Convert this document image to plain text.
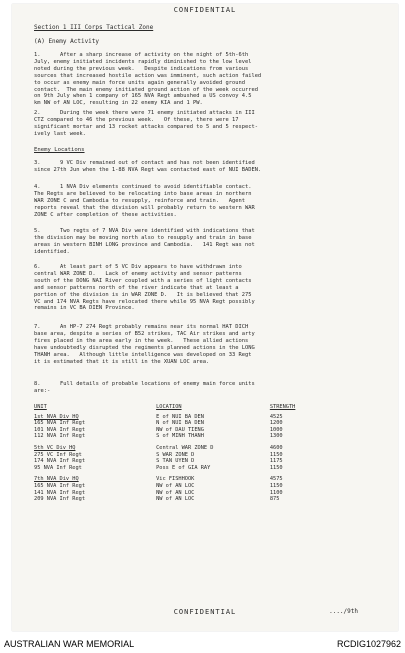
CONFIDENTIAL
Section 1 III Corps Tactical Zone
(A) Enemy Activity
1.      After a sharp increase of activity on the night of 5th-6th
July, enemy initiated incidents rapidly diminished to the low level
noted during the previous week.   Despite indications from various
sources that increased hostile action was imminent, such action failed
to occur as enemy main force units again generally avoided ground
contact.  The main enemy initiated ground action of the week occurred
on 9th July when 1 company of 165 NVA Regt ambushed a US convoy 4.5
km NW of AN LOC, resulting in 22 enemy KIA and 1 PW.
2.      During the week there were 71 enemy initiated attacks in III
CTZ compared to 46 the previous week.   Of these, there were 17
significant mortar and 13 rocket attacks compared to 5 and 5 respect-
ively last week.
Enemy Locations
3.      9 VC Div remained out of contact and has not been identified
since 27th Jun when the 1-88 NVA Regt was contacted east of NUI BADEN.
4.      1 NVA Div elements continued to avoid identifiable contact.
The Regts are believed to be relocating into base areas in northern
WAR ZONE C and Cambodia to resupply, reinforce and train.   Agent
reports reveal that the division will probably return to western WAR
ZONE C after completion of these activities.
5.      Two regts of 7 NVA Div were identified with indications that
the division may be moving north also to resupply and train in base
areas in western BINH LONG province and Cambodia.   141 Regt was not
identified.
6.      At least part of 5 VC Div appears to have withdrawn into
central WAR ZONE D.   Lack of enemy activity and sensor patterns
south of the DONG NAI River coupled with a series of light contacts
and sensor patterns north of the river indicate that at least a
portion of the division is in WAR ZONE D.   It is believed that 275
VC and 174 NVA Regts have relocated there while 95 NVA Regt possibly
remains in VC BA DIEN Province.
7.      An HP-7 274 Regt probably remains near its normal HAT DICH
base area, despite a series of B52 strikes, TAC Air strikes and arty
fires placed in the area early in the week.   These allied actions
have undoubtedly disrupted the regiments planned actions in the LONG
THANH area.   Although little intelligence was developed on 33 Regt
it is estimated that it is still in the XUAN LOC area.
8.      Full details of probable locations of enemy main force units
are:-
UNIT	LOCATION	STRENGTH

1st NVA Div HQ	E of NUI BA DEN	4525
165 NVA Inf Regt	N of NUI BA DEN	1200
101 NVA Inf Regt	NW of DAU TIENG	1000
112 NVA Inf Regt	S of MINH THANH	1300

5th VC Div HQ	Central WAR ZONE D	4600
275 VC Inf Regt	S WAR ZONE D	1150
174 NVA Inf Regt	S TAN UYEN D	1175
95 NVA Inf Regt	Poss E of GIA RAY	1150

7th NVA Div HQ	Vic FISHHOOK	4575
165 NVA Inf Regt	NW of AN LOC	1150
141 NVA Inf Regt	NW of AN LOC	1100
209 NVA Inf Regt	NW of AN LOC	875
CONFIDENTIAL	..../9th
AUSTRALIAN WAR MEMORIAL	RCDIG1027962
